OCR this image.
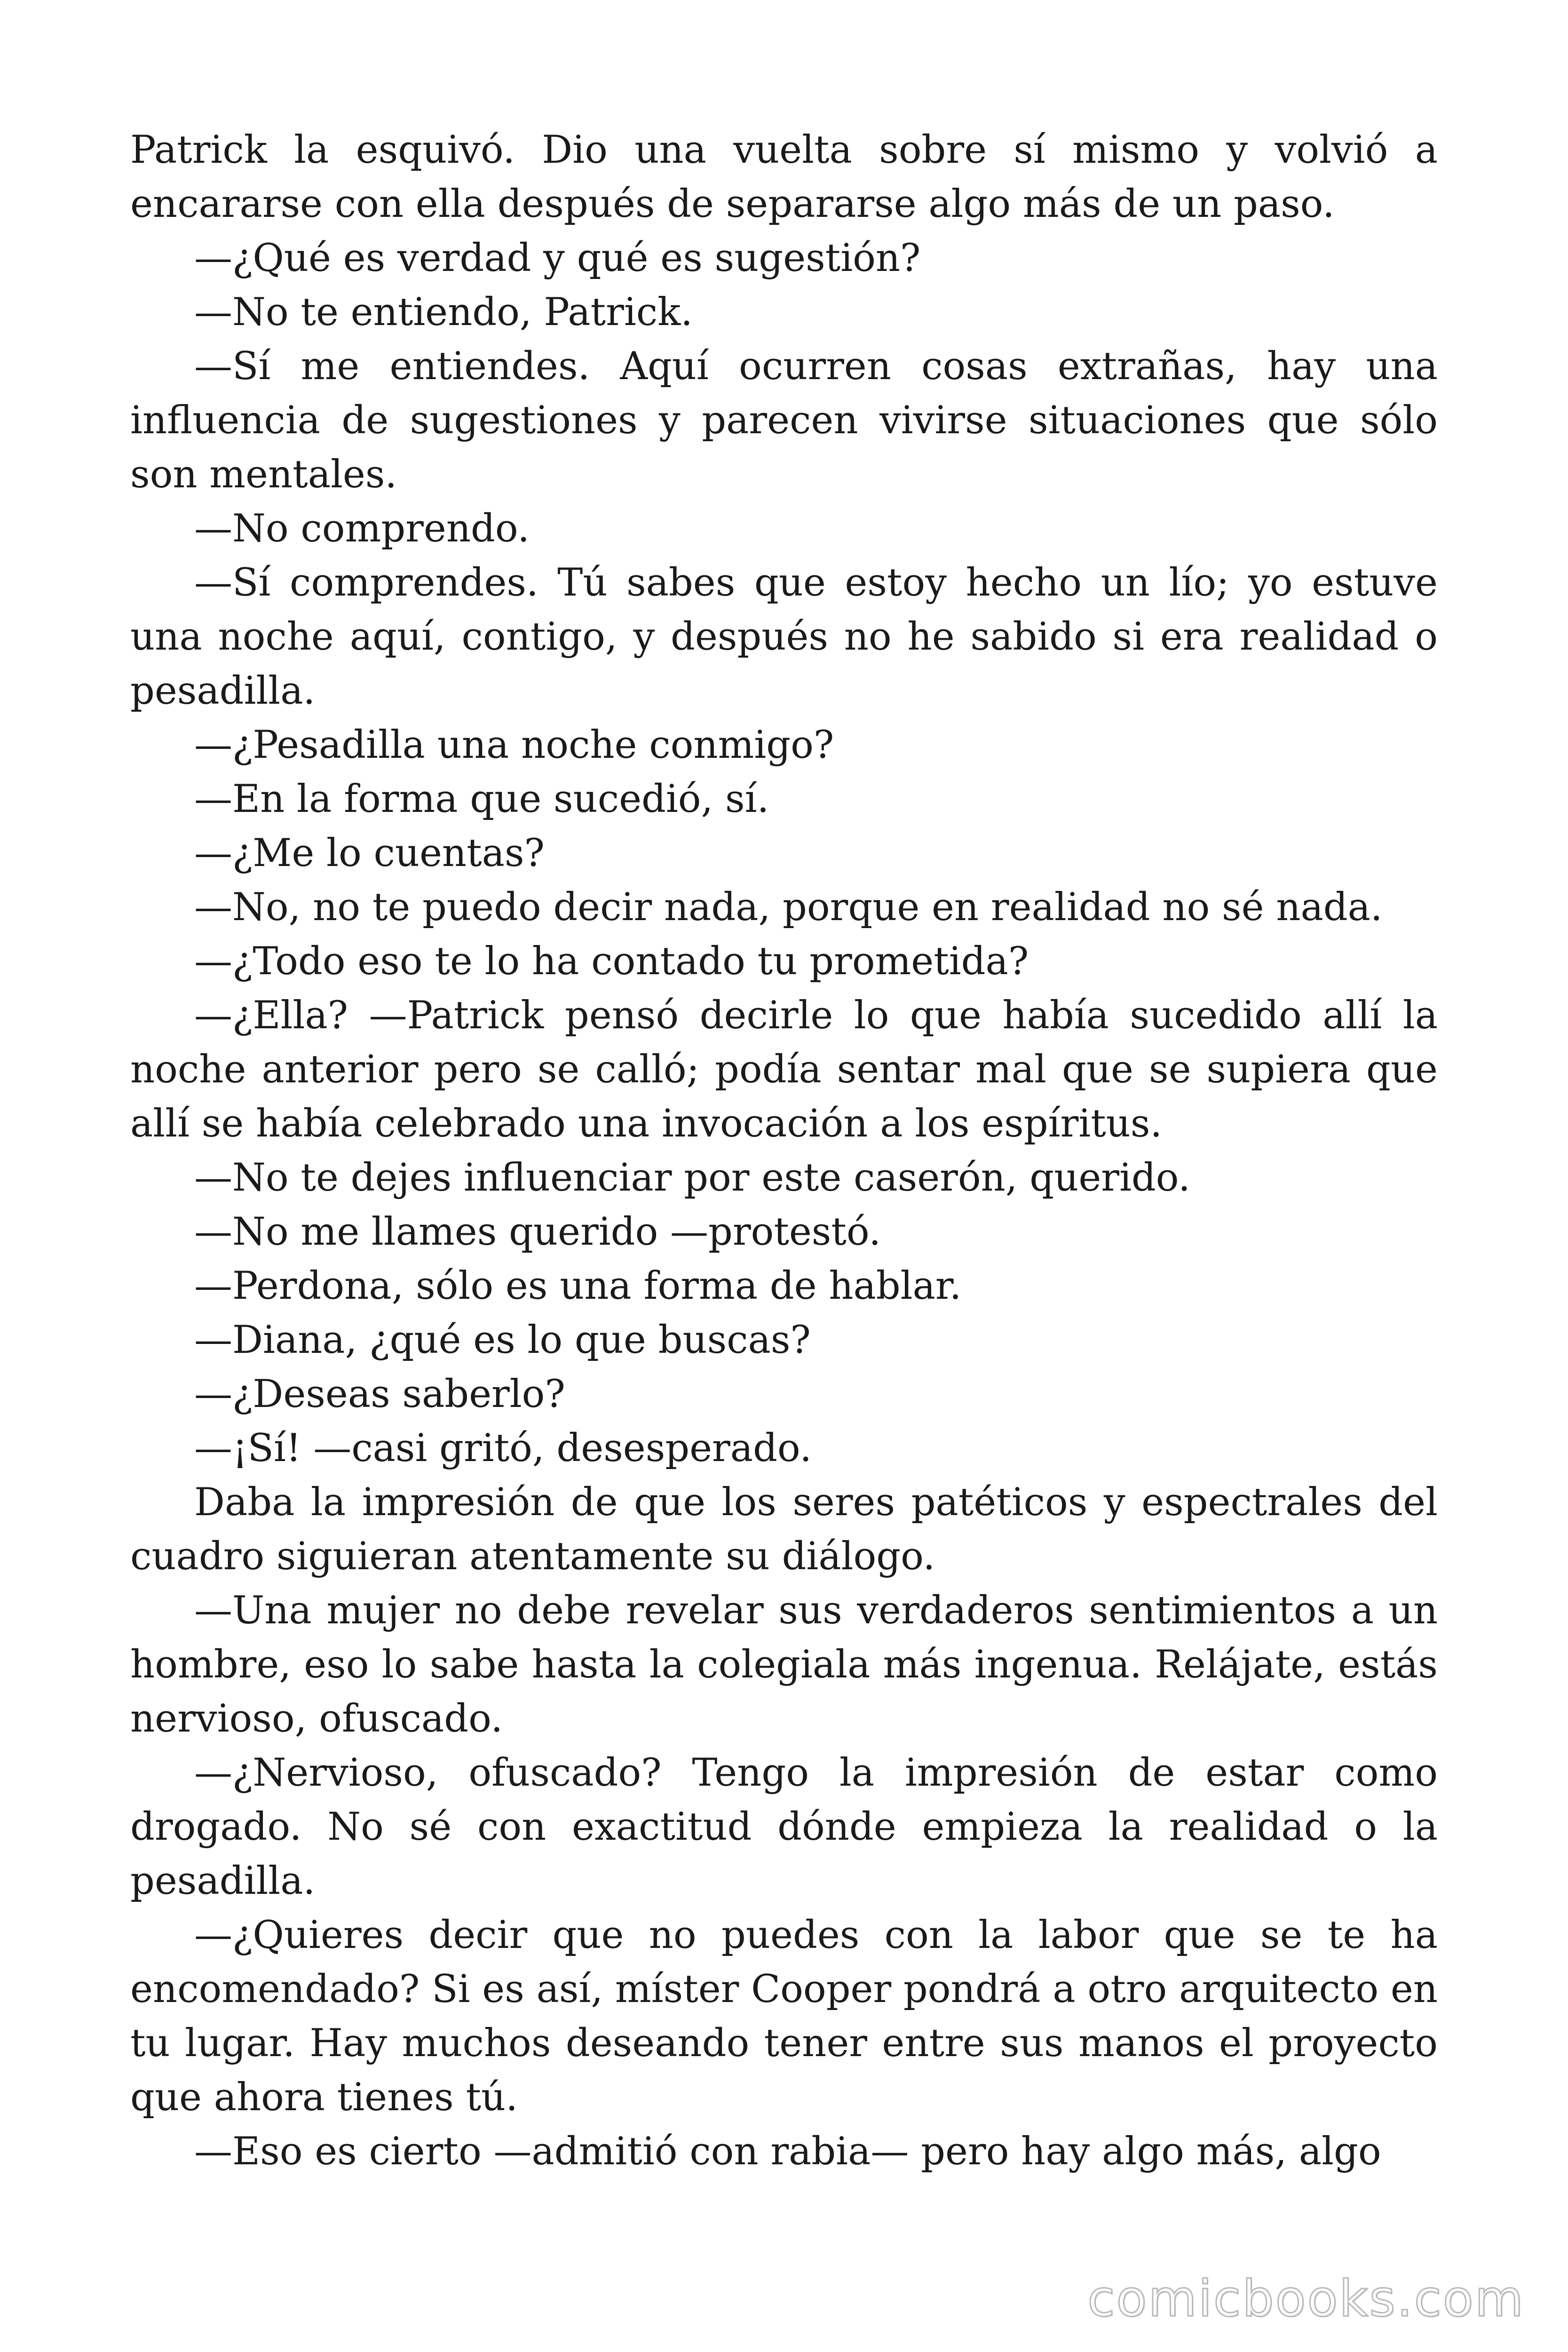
Patrick la esquivó. Dio una vuelta sobre sí mismo y volvió a encararse con ella después de separarse algo más de un paso.

—¿Qué es verdad y qué es sugestión?

—No te entiendo, Patrick.

—Sí me entiendes. Aquí ocurren cosas extrañas, hay una influencia de sugestiones y parecen vivirse situaciones que sólo son mentales.

—No comprendo.

—Sí comprendes. Tú sabes que estoy hecho un lío; yo estuve una noche aquí, contigo, y después no he sabido si era realidad o pesadilla.

—¿Pesadilla una noche conmigo?

—En la forma que sucedió, sí.

—¿Me lo cuentas?

—No, no te puedo decir nada, porque en realidad no sé nada.

—¿Todo eso te lo ha contado tu prometida?

—¿Ella? —Patrick pensó decirle lo que había sucedido allí la noche anterior pero se calló; podía sentar mal que se supiera que allí se había celebrado una invocación a los espíritus.

—No te dejes influenciar por este caserón, querido.

—No me llames querido —protestó.

—Perdona, sólo es una forma de hablar.

—Diana, ¿qué es lo que buscas?

—¿Deseas saberlo?

—¡Sí! —casi gritó, desesperado.

Daba la impresión de que los seres patéticos y espectrales del cuadro siguieran atentamente su diálogo.

—Una mujer no debe revelar sus verdaderos sentimientos a un hombre, eso lo sabe hasta la colegiala más ingenua. Relájate, estás nervioso, ofuscado.

—¿Nervioso, ofuscado? Tengo la impresión de estar como drogado. No sé con exactitud dónde empieza la realidad o la pesadilla.

—¿Quieres decir que no puedes con la labor que se te ha encomendado? Si es así, míster Cooper pondrá a otro arquitecto en tu lugar. Hay muchos deseando tener entre sus manos el proyecto que ahora tienes tú.

—Eso es cierto —admitió con rabia— pero hay algo más, algo

comicbooks.com
